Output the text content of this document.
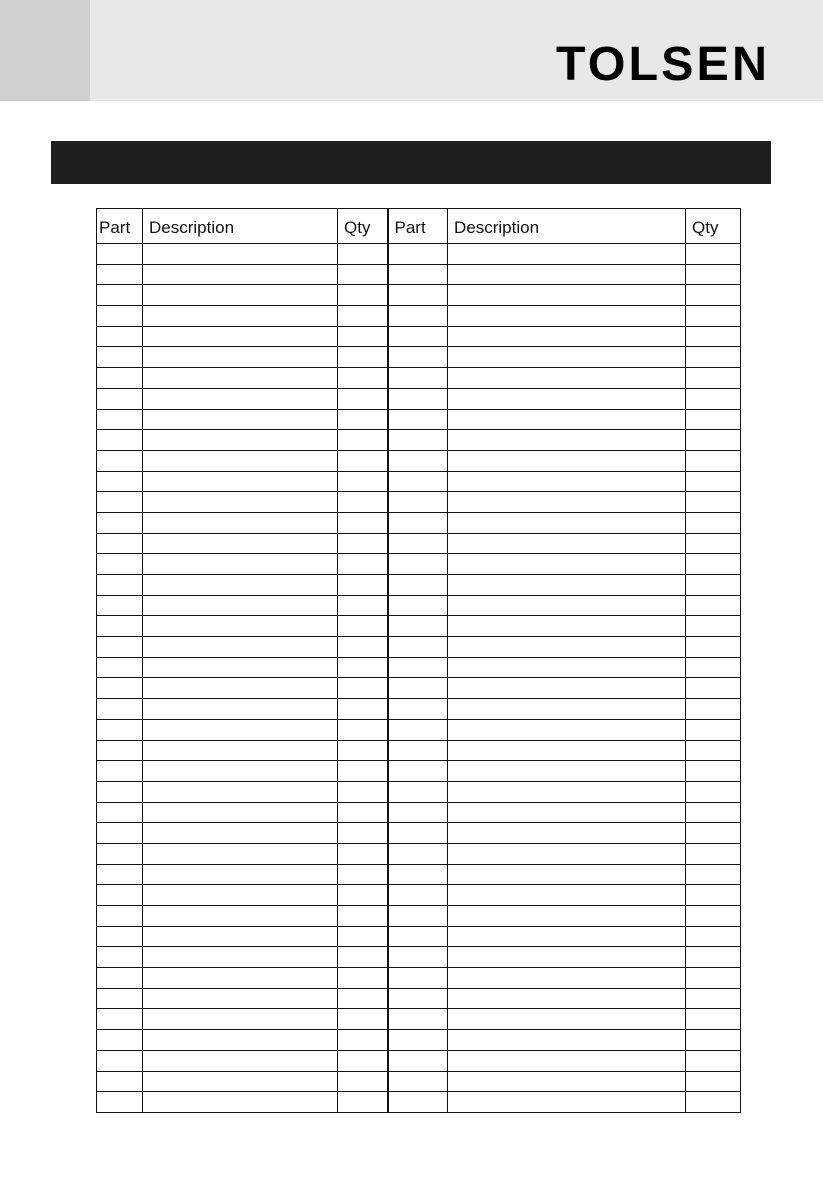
TOLSEN
Part	Description	Qty	Part	Description	Qty
